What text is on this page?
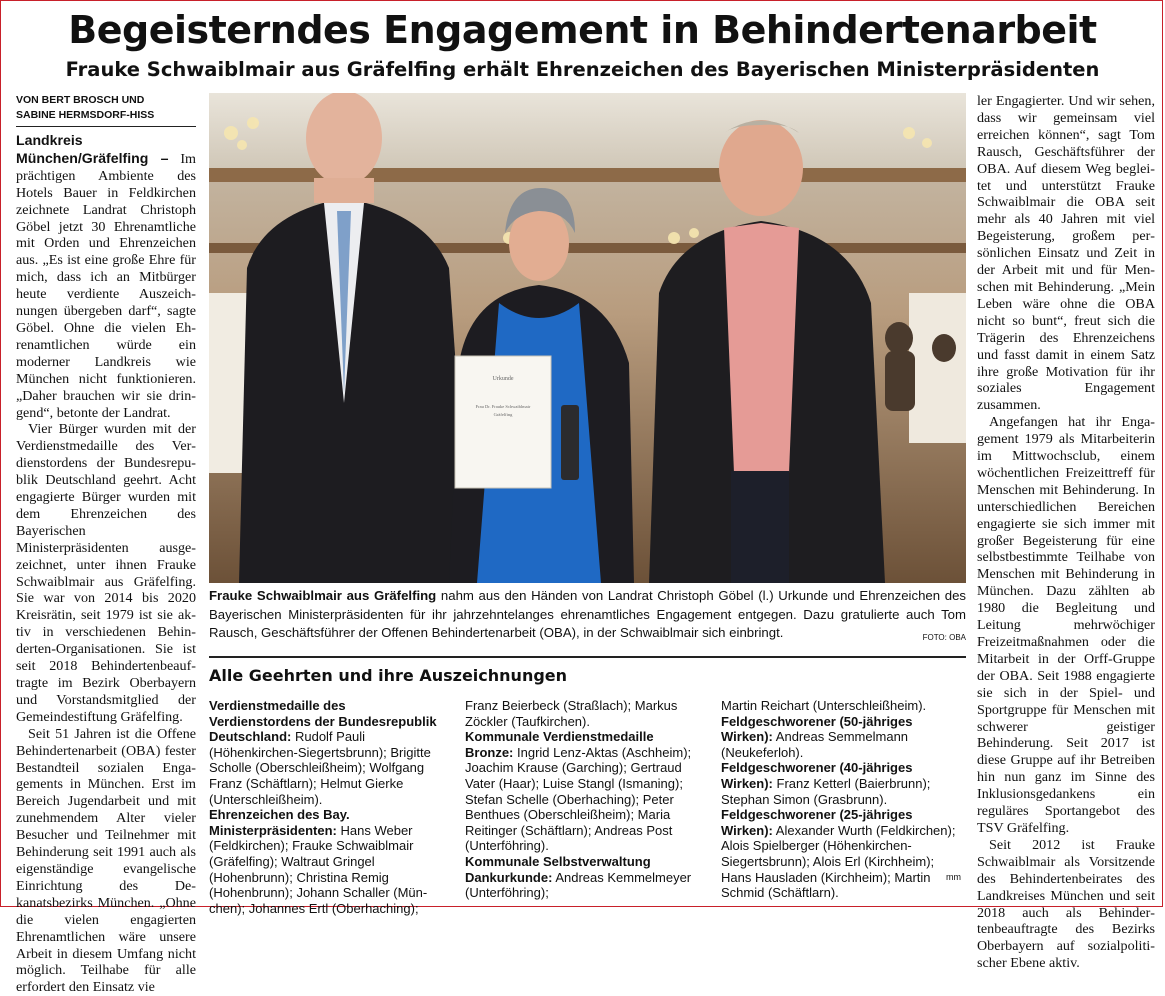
Begeisterndes Engagement in Behindertenarbeit
Frauke Schwaiblmair aus Gräfelfing erhält Ehrenzeichen des Bayerischen Ministerpräsidenten
VON BERT BROSCH UND
SABINE HERMSDORF-HISS

Landkreis München/Gräfelfing – Im prächtigen Ambiente des Hotels Bauer in Feldkirchen zeichnete Landrat Christoph Göbel jetzt 30 Ehrenamtliche mit Orden und Ehrenzeichen aus. „Es ist eine große Ehre für mich, dass ich an Mitbürger heute verdiente Auszeichnungen übergeben darf“, sagte Göbel. Ohne die vielen Ehrenamtlichen würde ein moderner Landkreis wie München nicht funktionieren. „Daher brauchen wir sie dringend“, betonte der Landrat.

Vier Bürger wurden mit der Verdienstmedaille des Verdienstordens der Bundesrepublik Deutschland geehrt. Acht engagierte Bürger wurden mit dem Ehrenzeichen des Bayerischen Ministerpräsidenten ausgezeichnet, unter ihnen Frauke Schwaiblmair aus Gräfelfing. Sie war von 2014 bis 2020 Kreisrätin, seit 1979 ist sie aktiv in verschiedenen Behinderten-Organisationen. Sie ist seit 2018 Behindertenbeauftragte im Bezirk Oberbayern und Vorstandsmitglied der Gemeindestiftung Gräfelfing.

Seit 51 Jahren ist die Offene Behindertenarbeit (OBA) fester Bestandteil sozialen Engagements in München. Erst im Bereich Jugendarbeit und mit zunehmendem Alter vieler Besucher und Teilnehmer mit Behinderung seit 1991 auch als eigenständige evangelische Einrichtung des Dekanatsbezirks München. „Ohne die vielen engagierten Ehrenamtlichen wäre unsere Arbeit in diesem Umfang nicht möglich. Teilhabe für alle erfordert den Einsatz vie

Urkunde
Frau Dr. Frauke Schwaiblmair
Gräfelfing

Frauke Schwaiblmair aus Gräfelfing nahm aus den Händen von Landrat Christoph Göbel (l.) Urkunde und Ehrenzeichen des Bayerischen Ministerpräsidenten für ihr jahrzehntelanges ehrenamtliches Engagement entgegen. Dazu gratulierte auch Tom Rausch, Geschäftsführer der Offenen Behindertenarbeit (OBA), in der Schwaiblmair sich einbringt.	FOTO: OBA

Alle Geehrten und ihre Auszeichnungen

Verdienstmedaille des Verdienstordens der Bundesrepublik Deutschland: Rudolf Pauli (Höhenkirchen-Siegertsbrunn); Brigitte Scholle (Oberschleißheim); Wolfgang Franz (Schäftlarn); Helmut Gierke (Unterschleißheim).

Ehrenzeichen des Bay. Ministerpräsidenten: Hans Weber (Feldkirchen); Frauke Schwaiblmair (Gräfelfing); Waltraut Gringel (Hohenbrunn); Christina Remig (Hohenbrunn); Johann Schaller (München); Johannes Ertl (Oberhaching);

Franz Beierbeck (Straßlach); Markus Zöckler (Taufkirchen).

Kommunale Verdienstmedaille Bronze: Ingrid Lenz-Aktas (Aschheim); Joachim Krause (Garching); Gertraud Vater (Haar); Luise Stangl (Ismaning); Stefan Schelle (Oberhaching); Peter Benthues (Oberschleißheim); Maria Reitinger (Schäftlarn); Andreas Post (Unterföhring).

Kommunale Selbstverwaltung Dankurkunde: Andreas Kemmelmeyer (Unterföhring);

Martin Reichart (Unterschleißheim).

Feldgeschworener (50-jähriges Wirken): Andreas Semmelmann (Neukeferloh).

Feldgeschworener (40-jähriges Wirken): Franz Ketterl (Baierbrunn); Stephan Simon (Grasbrunn).

Feldgeschworener (25-jähriges Wirken): Alexander Wurth (Feldkirchen); Alois Spielberger (Höhenkirchen-Siegertsbrunn); Alois Erl (Kirchheim); Hans Hausladen (Kirchheim); Martin Schmid (Schäftlarn).

mm

ler Engagierter. Und wir sehen, dass wir gemeinsam viel erreichen können“, sagt Tom Rausch, Geschäftsführer der OBA. Auf diesem Weg begleitet und unterstützt Frauke Schwaiblmair die OBA seit mehr als 40 Jahren mit viel Begeisterung, großem persönlichen Einsatz und Zeit in der Arbeit mit und für Menschen mit Behinderung. „Mein Leben wäre ohne die OBA nicht so bunt“, freut sich die Trägerin des Ehrenzeichens und fasst damit in einem Satz ihre große Motivation für ihr soziales Engagement zusammen.

Angefangen hat ihr Engagement 1979 als Mitarbeiterin im Mittwochsclub, einem wöchentlichen Freizeittreff für Menschen mit Behinderung. In unterschiedlichen Bereichen engagierte sie sich immer mit großer Begeisterung für eine selbstbestimmte Teilhabe von Menschen mit Behinderung in München. Dazu zählten ab 1980 die Begleitung und Leitung mehrwöchiger Freizeitmaßnahmen oder die Mitarbeit in der Orff-Gruppe der OBA. Seit 1988 engagierte sie sich in der Spiel- und Sportgruppe für Menschen mit schwerer geistiger Behinderung. Seit 2017 ist diese Gruppe auf ihr Betreiben hin nun ganz im Sinne des Inklusionsgedankens ein reguläres Sportangebot des TSV Gräfelfing.

Seit 2012 ist Frauke Schwaiblmair als Vorsitzende des Behindertenbeirates des Landkreises München und seit 2018 auch als Behindertenbeauftragte des Bezirks Oberbayern auf sozialpolitischer Ebene aktiv.
